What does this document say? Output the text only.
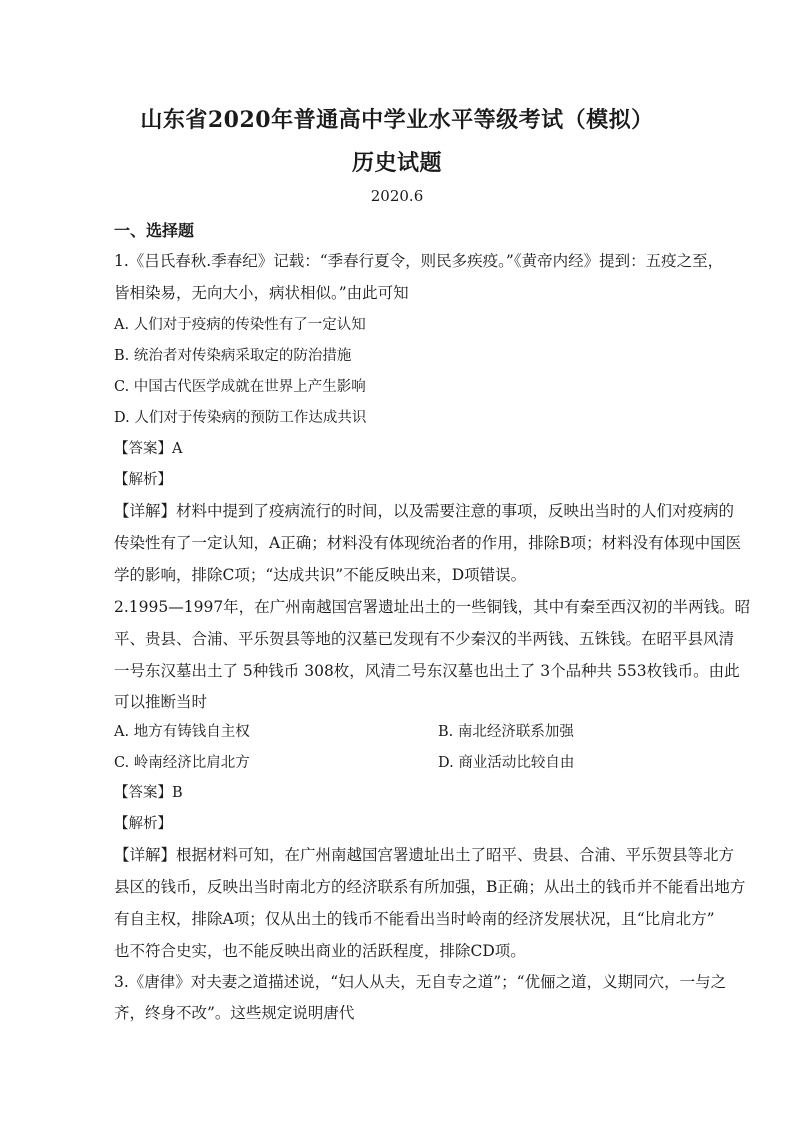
山东省2020年普通高中学业水平等级考试（模拟）
历史试题
2020.6
一、选择题
1.《吕氏春秋.季春纪》记载：“季春行夏令，则民多疾疫。”《黄帝内经》提到：五疫之至，
皆相染易，无向大小，病状相似。”由此可知
A. 人们对于疫病的传染性有了一定认知
B. 统治者对传染病采取定的防治措施
C. 中国古代医学成就在世界上产生影响
D. 人们对于传染病的预防工作达成共识
【答案】A
【解析】
【详解】材料中提到了疫病流行的时间，以及需要注意的事项，反映出当时的人们对疫病的
传染性有了一定认知，A正确；材料没有体现统治者的作用，排除B项；材料没有体现中国医
学的影响，排除C项；“达成共识”不能反映出来，D项错误。
2.1995—1997年，在广州南越国宫署遗址出土的一些铜钱，其中有秦至西汉初的半两钱。昭
平、贵县、合浦、平乐贺县等地的汉墓已发现有不少秦汉的半两钱、五铢钱。在昭平县风清
一号东汉墓出土了 5种钱币 308枚，风清二号东汉墓也出土了 3个品种共 553枚钱币。由此
可以推断当时
A. 地方有铸钱自主权	B. 南北经济联系加强
C. 岭南经济比肩北方	D. 商业活动比较自由
【答案】B
【解析】
【详解】根据材料可知，在广州南越国宫署遗址出土了昭平、贵县、合浦、平乐贺县等北方
县区的钱币，反映出当时南北方的经济联系有所加强，B正确；从出土的钱币并不能看出地方
有自主权，排除A项；仅从出土的钱币不能看出当时岭南的经济发展状况，且“比肩北方”
也不符合史实，也不能反映出商业的活跃程度，排除CD项。
3.《唐律》对夫妻之道描述说，“妇人从夫，无自专之道”；“优俪之道，义期同穴，一与之
齐，终身不改”。这些规定说明唐代
